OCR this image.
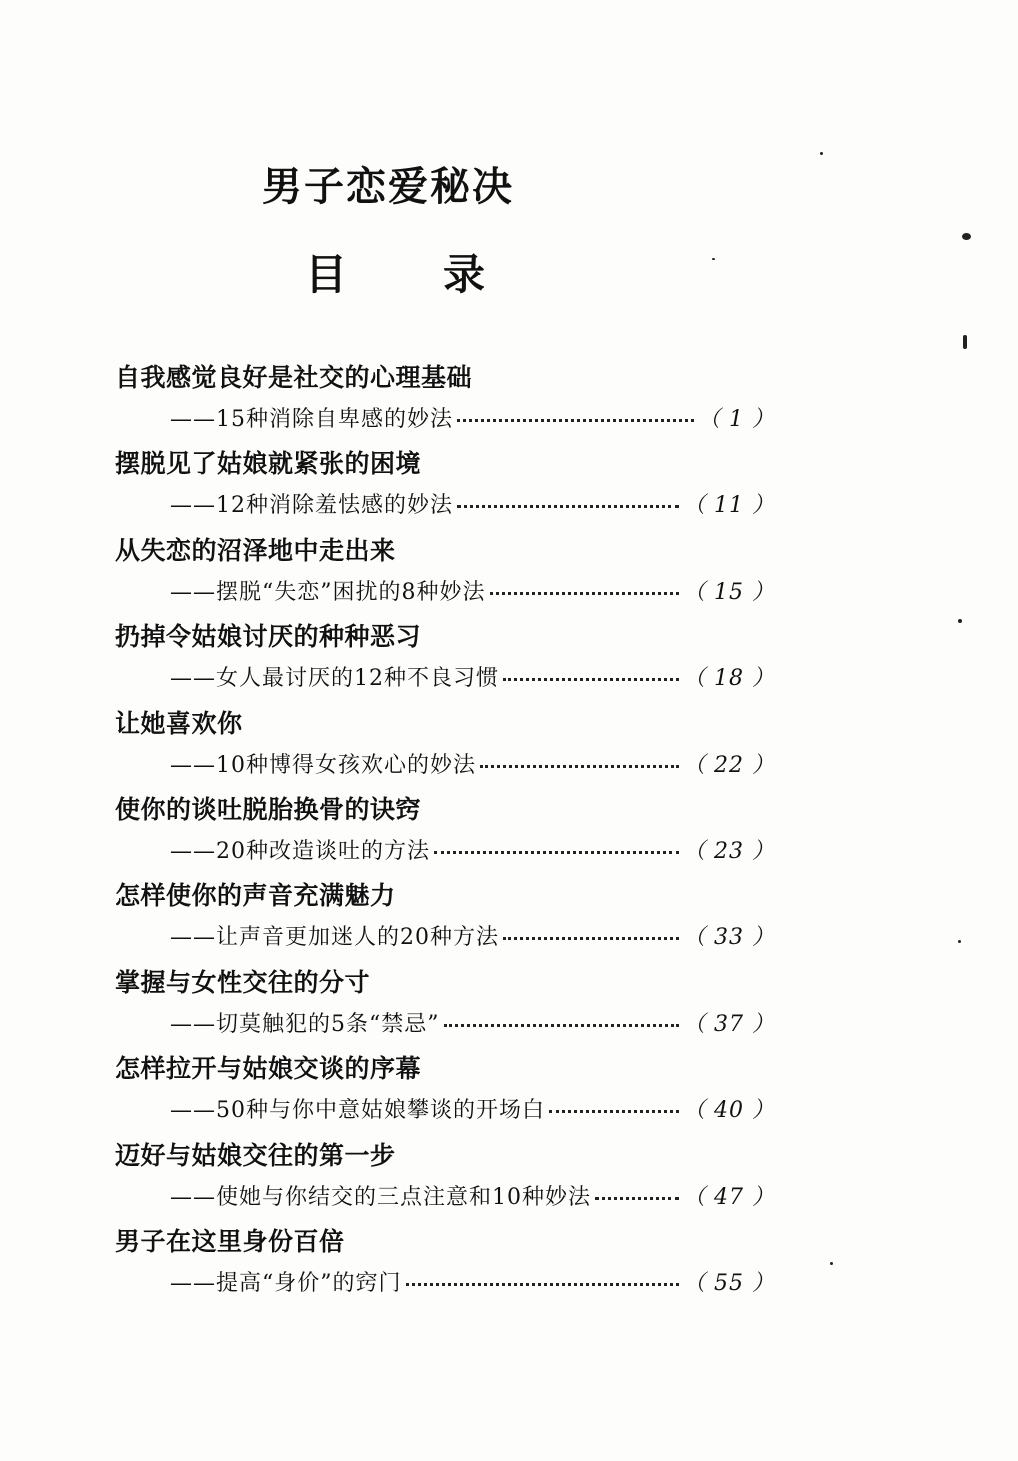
男子恋爱秘决
目 录
自我感觉良好是社交的心理基础
——15种消除自卑感的妙法	（ 1 ）
摆脱见了姑娘就紧张的困境
——12种消除羞怯感的妙法	（ 11 ）
从失恋的沼泽地中走出来
——摆脱“失恋”困扰的8种妙法	（ 15 ）
扔掉令姑娘讨厌的种种恶习
——女人最讨厌的12种不良习惯	（ 18 ）
让她喜欢你
——10种博得女孩欢心的妙法	（ 22 ）
使你的谈吐脱胎换骨的诀窍
——20种改造谈吐的方法	（ 23 ）
怎样使你的声音充满魅力
——让声音更加迷人的20种方法	（ 33 ）
掌握与女性交往的分寸
——切莫触犯的5条“禁忌”	（ 37 ）
怎样拉开与姑娘交谈的序幕
——50种与你中意姑娘攀谈的开场白	（ 40 ）
迈好与姑娘交往的第一步
——使她与你结交的三点注意和10种妙法	（ 47 ）
男子在这里身份百倍
——提高“身价”的窍门	（ 55 ）
